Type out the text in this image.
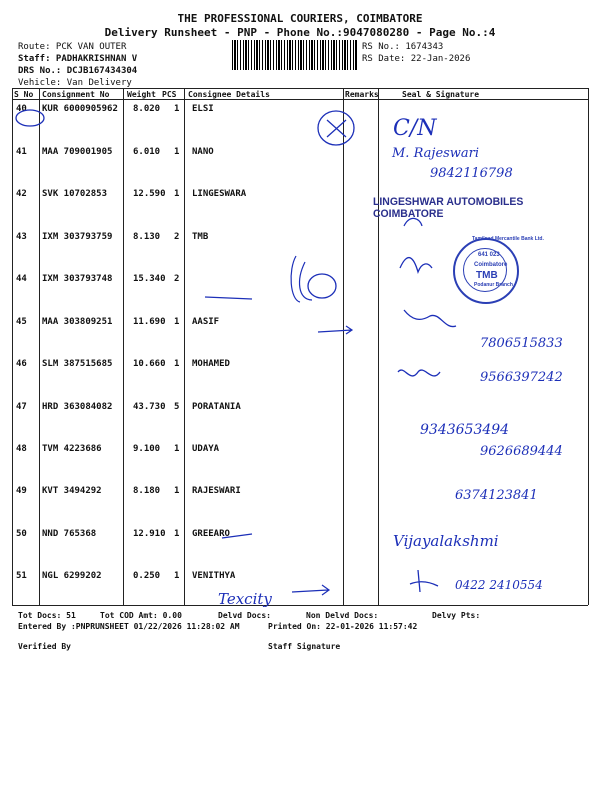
THE PROFESSIONAL COURIERS, COIMBATORE
Delivery Runsheet - PNP - Phone No.:9047080280 - Page No.:4
Route: PCK VAN OUTER
Staff: PADHAKRISHNAN V
DRS No.: DCJB167434304
Vehicle: Van Delivery
RS No.: 1674343
RS Date: 22-Jan-2026
S No Consignment No Weight PCS Consignee Details	Remarks	Seal & Signature
40 KUR 6000905962 8.020 1 ELSI
41 MAA 709001905 6.010 1 NANO
42 SVK 10702853	12.590 1 LINGESWARA
43 IXM 303793759 8.130 2 TMB
44 IXM 303793748 15.340 2
45 MAA 303809251 11.690 1 AASIF
46 SLM 387515685 10.660 1 MOHAMED
47 HRD 363084082 43.730 5 PORATANIA
48 TVM 4223686	9.100 1 UDAYA
49 KVT 3494292	8.180 1 RAJESWARI
50 NND 765368	12.910 1 GREEARO
51 NGL 6299202	0.250 1 VENITHYA
C/N
M. Rajeswari
9842116798
7806515833
9566397242
9343653494
9626689444
6374123841
Vijayalakshmi
0422 2410554
Texcity
LINGESHWAR AUTOMOBILES COIMBATORE
Tamilnad Mercantile Bank Ltd.
Coimbatore
TMB
Podanur Branch
641 023
Tot Docs: 51	Tot COD Amt: 0.00	Delvd Docs:	Non Delvd Docs:	Delvy Pts:
Entered By :PNPRUNSHEET 01/22/2026 11:28:02 AM	Printed On: 22-01-2026 11:57:42
Verified By	Staff Signature
